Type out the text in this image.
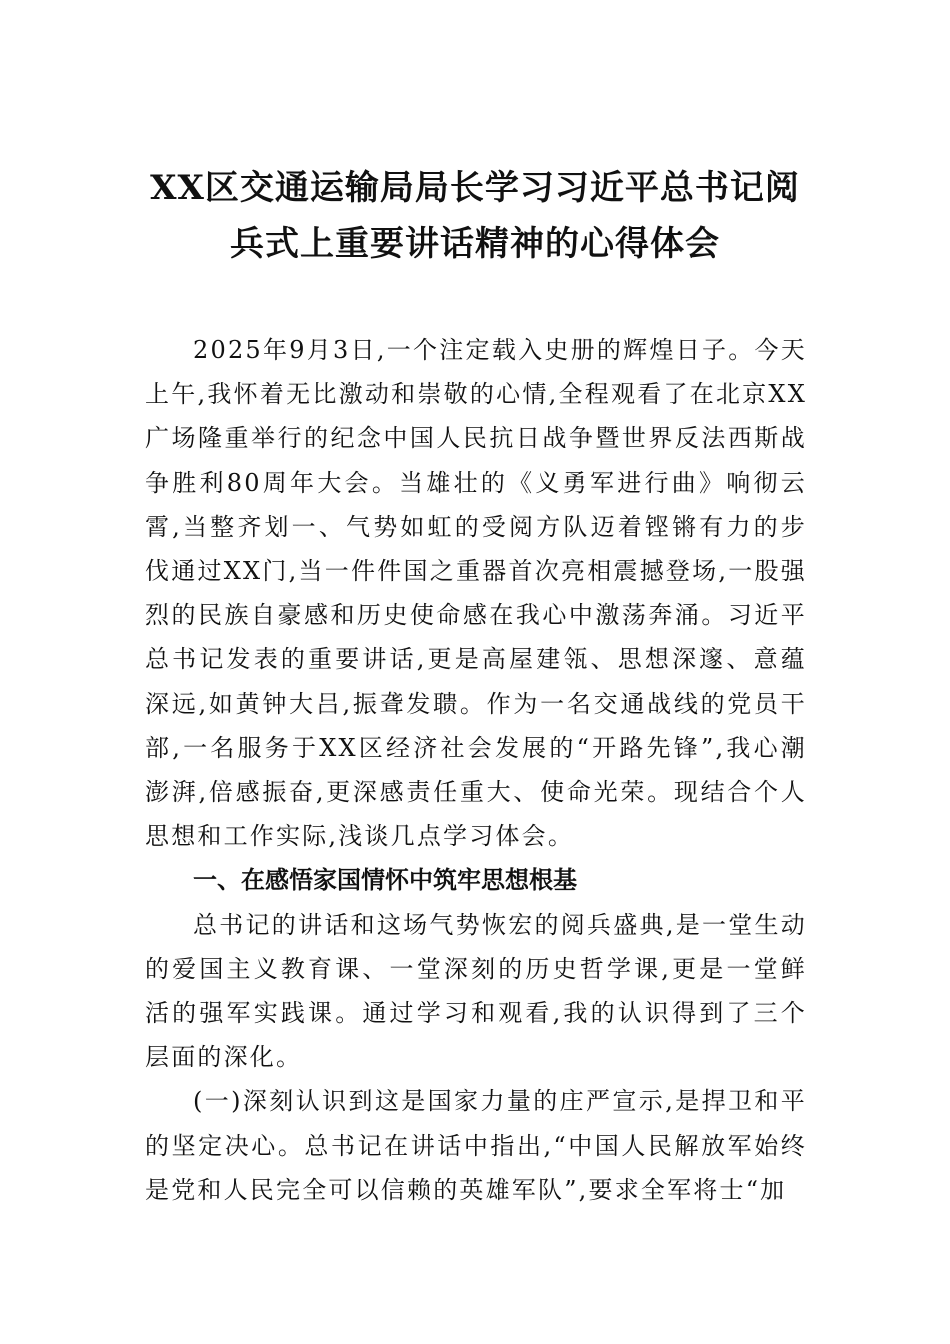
XX区交通运输局局长学习习近平总书记阅
兵式上重要讲话精神的心得体会

2025年9月3日,一个注定载入史册的辉煌日子。今天上午,我怀着无比激动和崇敬的心情,全程观看了在北京XX广场隆重举行的纪念中国人民抗日战争暨世界反法西斯战争胜利80周年大会。当雄壮的《义勇军进行曲》响彻云霄,当整齐划一、气势如虹的受阅方队迈着铿锵有力的步伐通过XX门,当一件件国之重器首次亮相震撼登场,一股强烈的民族自豪感和历史使命感在我心中激荡奔涌。习近平总书记发表的重要讲话,更是高屋建瓴、思想深邃、意蕴深远,如黄钟大吕,振聋发聩。作为一名交通战线的党员干部,一名服务于XX区经济社会发展的“开路先锋”,我心潮澎湃,倍感振奋,更深感责任重大、使命光荣。现结合个人思想和工作实际,浅谈几点学习体会。

一、在感悟家国情怀中筑牢思想根基

总书记的讲话和这场气势恢宏的阅兵盛典,是一堂生动的爱国主义教育课、一堂深刻的历史哲学课,更是一堂鲜活的强军实践课。通过学习和观看,我的认识得到了三个层面的深化。

(一)深刻认识到这是国家力量的庄严宣示,是捍卫和平的坚定决心。总书记在讲话中指出,“中国人民解放军始终是党和人民完全可以信赖的英雄军队”,要求全军将士“加
